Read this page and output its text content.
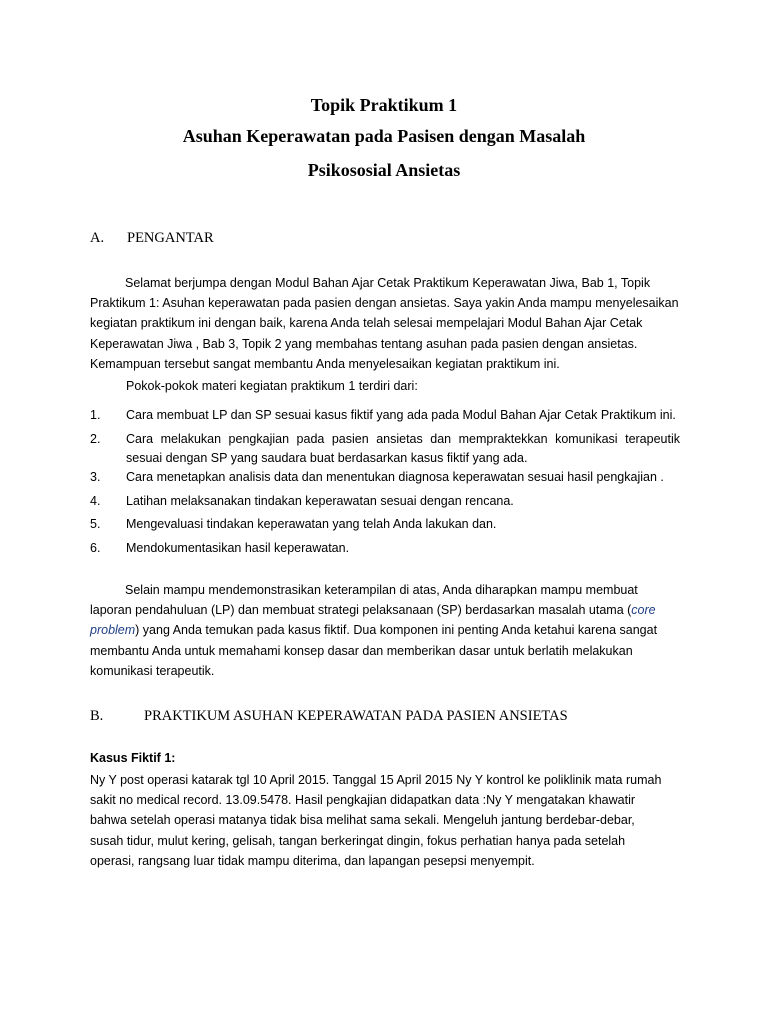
Topik Praktikum 1
Asuhan Keperawatan pada Pasisen dengan Masalah
Psikososial Ansietas
A. PENGANTAR
Selamat berjumpa dengan Modul Bahan Ajar Cetak Praktikum Keperawatan Jiwa, Bab 1, Topik
Praktikum 1: Asuhan keperawatan pada pasien dengan ansietas. Saya yakin Anda mampu menyelesaikan
kegiatan praktikum ini dengan baik, karena Anda telah selesai mempelajari Modul Bahan Ajar Cetak
Keperawatan Jiwa , Bab 3, Topik 2 yang membahas tentang asuhan pada pasien dengan ansietas.
Kemampuan tersebut sangat membantu Anda menyelesaikan kegiatan praktikum ini.
Pokok-pokok materi kegiatan praktikum 1 terdiri dari:
1. Cara membuat LP dan SP sesuai kasus fiktif yang ada pada Modul Bahan Ajar Cetak Praktikum ini.
2. Cara melakukan pengkajian pada pasien ansietas dan mempraktekkan komunikasi terapeutik sesuai dengan SP yang saudara buat berdasarkan kasus fiktif yang ada.
3. Cara menetapkan analisis data dan menentukan diagnosa keperawatan sesuai hasil pengkajian .
4. Latihan melaksanakan tindakan keperawatan sesuai dengan rencana.
5. Mengevaluasi tindakan keperawatan yang telah Anda lakukan dan.
6. Mendokumentasikan hasil keperawatan.
Selain mampu mendemonstrasikan keterampilan di atas, Anda diharapkan mampu membuat
laporan pendahuluan (LP) dan membuat strategi pelaksanaan (SP) berdasarkan masalah utama (core
problem) yang Anda temukan pada kasus fiktif. Dua komponen ini penting Anda ketahui karena sangat
membantu Anda untuk memahami konsep dasar dan memberikan dasar untuk berlatih melakukan
komunikasi terapeutik.
B.	PRAKTIKUM ASUHAN KEPERAWATAN PADA PASIEN ANSIETAS
Kasus Fiktif 1:
Ny Y post operasi katarak tgl 10 April 2015. Tanggal 15 April 2015 Ny Y kontrol ke poliklinik mata rumah
sakit no medical record. 13.09.5478. Hasil pengkajian didapatkan data :Ny Y mengatakan khawatir
bahwa setelah operasi matanya tidak bisa melihat sama sekali. Mengeluh jantung berdebar-debar,
susah tidur, mulut kering, gelisah, tangan berkeringat dingin, fokus perhatian hanya pada setelah
operasi, rangsang luar tidak mampu diterima, dan lapangan pesepsi menyempit.
